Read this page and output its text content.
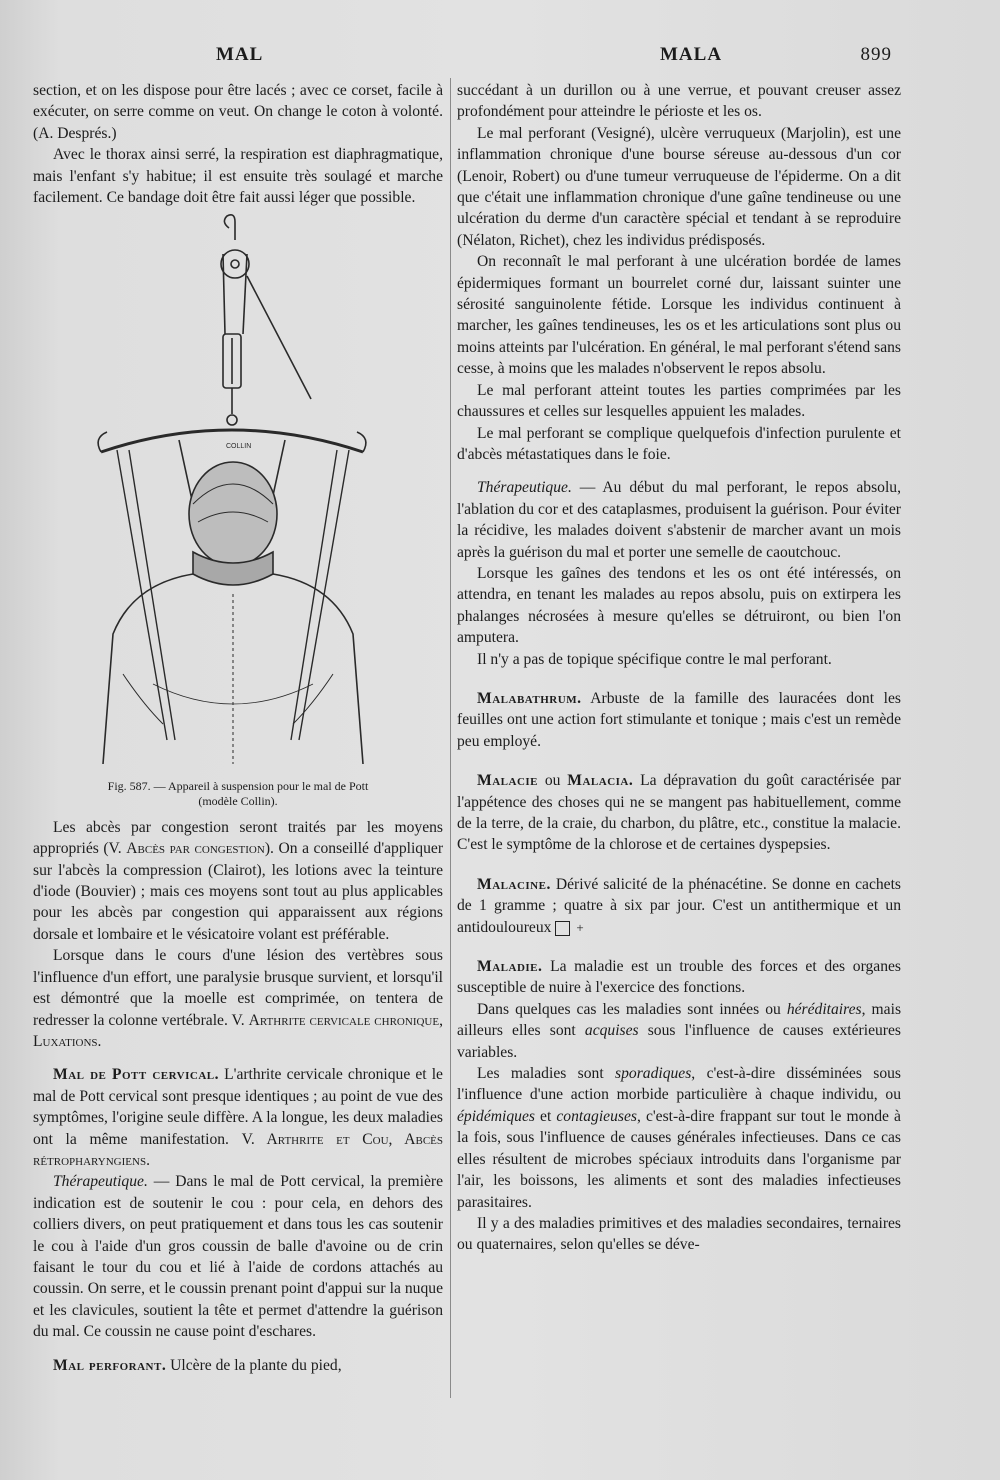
MAL	MALA	899

section, et on les dispose pour être lacés ; avec ce corset, facile à exécuter, on serre comme on veut. On change le coton à volonté. (A. Després.)

Avec le thorax ainsi serré, la respiration est diaphragmatique, mais l'enfant s'y habitue; il est ensuite très soulagé et marche facilement. Ce bandage doit être fait aussi léger que possible.

COLLIN

Fig. 587. — Appareil à suspension pour le mal de Pott
(modèle Collin).

Les abcès par congestion seront traités par les moyens appropriés (V. Abcès par congestion). On a conseillé d'appliquer sur l'abcès la compression (Clairot), les lotions avec la teinture d'iode (Bouvier) ; mais ces moyens sont tout au plus applicables pour les abcès par congestion qui apparaissent aux régions dorsale et lombaire et le vésicatoire volant est préférable.

Lorsque dans le cours d'une lésion des vertèbres sous l'influence d'un effort, une paralysie brusque survient, et lorsqu'il est démontré que la moelle est comprimée, on tentera de redresser la colonne vertébrale. V. Arthrite cervicale chronique, Luxations.

Mal de Pott cervical. L'arthrite cervicale chronique et le mal de Pott cervical sont presque identiques ; au point de vue des symptômes, l'origine seule diffère. A la longue, les deux maladies ont la même manifestation. V. Arthrite et Cou, Abcès rétropharyngiens.

Thérapeutique. — Dans le mal de Pott cervical, la première indication est de soutenir le cou : pour cela, en dehors des colliers divers, on peut pratiquement et dans tous les cas soutenir le cou à l'aide d'un gros coussin de balle d'avoine ou de crin faisant le tour du cou et lié à l'aide de cordons attachés au coussin. On serre, et le coussin prenant point d'appui sur la nuque et les clavicules, soutient la tête et permet d'attendre la guérison du mal. Ce coussin ne cause point d'eschares.

Mal perforant. Ulcère de la plante du pied,

succédant à un durillon ou à une verrue, et pouvant creuser assez profondément pour atteindre le périoste et les os.

Le mal perforant (Vesigné), ulcère verruqueux (Marjolin), est une inflammation chronique d'une bourse séreuse au-dessous d'un cor (Lenoir, Robert) ou d'une tumeur verruqueuse de l'épiderme. On a dit que c'était une inflammation chronique d'une gaîne tendineuse ou une ulcération du derme d'un caractère spécial et tendant à se reproduire (Nélaton, Richet), chez les individus prédisposés.

On reconnaît le mal perforant à une ulcération bordée de lames épidermiques formant un bourrelet corné dur, laissant suinter une sérosité sanguinolente fétide. Lorsque les individus continuent à marcher, les gaînes tendineuses, les os et les articulations sont plus ou moins atteints par l'ulcération. En général, le mal perforant s'étend sans cesse, à moins que les malades n'observent le repos absolu.

Le mal perforant atteint toutes les parties comprimées par les chaussures et celles sur lesquelles appuient les malades.

Le mal perforant se complique quelquefois d'infection purulente et d'abcès métastatiques dans le foie.

Thérapeutique. — Au début du mal perforant, le repos absolu, l'ablation du cor et des cataplasmes, produisent la guérison. Pour éviter la récidive, les malades doivent s'abstenir de marcher avant un mois après la guérison du mal et porter une semelle de caoutchouc.

Lorsque les gaînes des tendons et les os ont été intéressés, on attendra, en tenant les malades au repos absolu, puis on extirpera les phalanges nécrosées à mesure qu'elles se détruiront, ou bien l'on amputera.

Il n'y a pas de topique spécifique contre le mal perforant.

Malabathrum. Arbuste de la famille des lauracées dont les feuilles ont une action fort stimulante et tonique ; mais c'est un remède peu employé.

Malacie ou Malacia. La dépravation du goût caractérisée par l'appétence des choses qui ne se mangent pas habituellement, comme de la terre, de la craie, du charbon, du plâtre, etc., constitue la malacie. C'est le symptôme de la chlorose et de certaines dyspepsies.

Malacine. Dérivé salicité de la phénacétine. Se donne en cachets de 1 gramme ; quatre à six par jour. C'est un antithermique et un antidouloureux +

Maladie. La maladie est un trouble des forces et des organes susceptible de nuire à l'exercice des fonctions.

Dans quelques cas les maladies sont innées ou héréditaires, mais ailleurs elles sont acquises sous l'influence de causes extérieures variables.

Les maladies sont sporadiques, c'est-à-dire disséminées sous l'influence d'une action morbide particulière à chaque individu, ou épidémiques et contagieuses, c'est-à-dire frappant sur tout le monde à la fois, sous l'influence de causes générales infectieuses. Dans ce cas elles résultent de microbes spéciaux introduits dans l'organisme par l'air, les boissons, les aliments et sont des maladies infectieuses parasitaires.

Il y a des maladies primitives et des maladies secondaires, ternaires ou quaternaires, selon qu'elles se déve-
